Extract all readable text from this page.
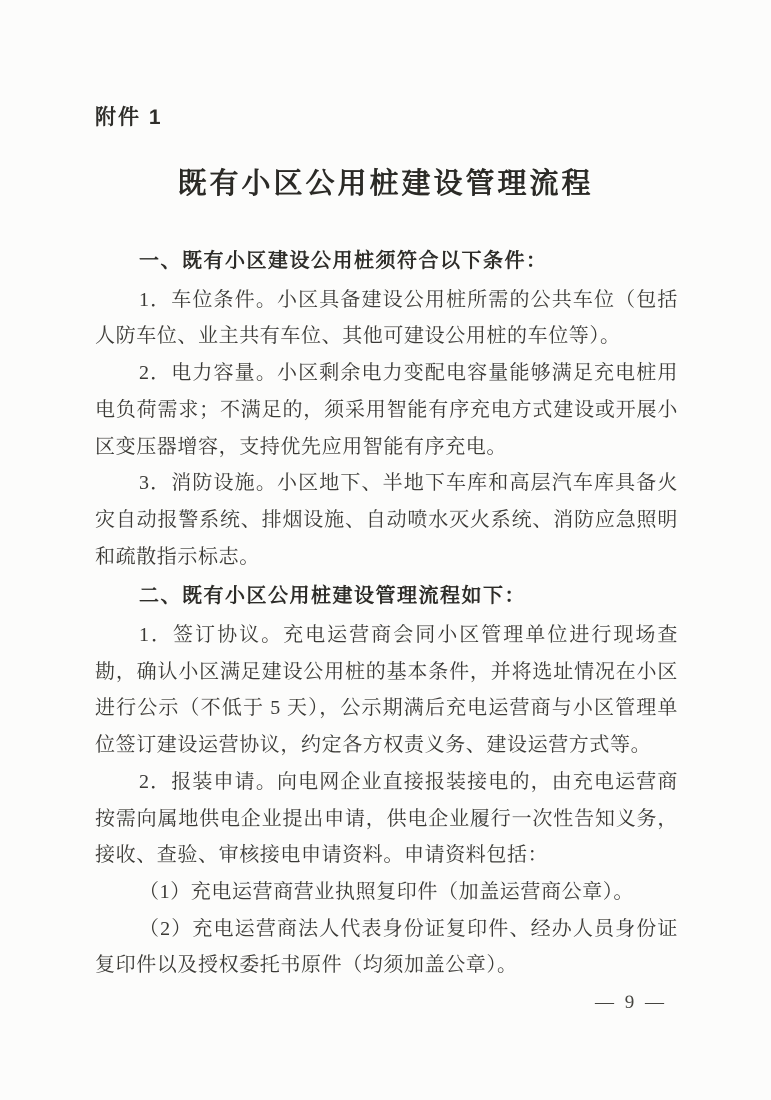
附件 1
既有小区公用桩建设管理流程

一、既有小区建设公用桩须符合以下条件：

1．车位条件。小区具备建设公用桩所需的公共车位（包括人防车位、业主共有车位、其他可建设公用桩的车位等）。

2．电力容量。小区剩余电力变配电容量能够满足充电桩用电负荷需求；不满足的，须采用智能有序充电方式建设或开展小区变压器增容，支持优先应用智能有序充电。

3．消防设施。小区地下、半地下车库和高层汽车库具备火灾自动报警系统、排烟设施、自动喷水灭火系统、消防应急照明和疏散指示标志。

二、既有小区公用桩建设管理流程如下：

1．签订协议。充电运营商会同小区管理单位进行现场查勘，确认小区满足建设公用桩的基本条件，并将选址情况在小区进行公示（不低于 5 天），公示期满后充电运营商与小区管理单位签订建设运营协议，约定各方权责义务、建设运营方式等。

2．报装申请。向电网企业直接报装接电的，由充电运营商按需向属地供电企业提出申请，供电企业履行一次性告知义务，接收、查验、审核接电申请资料。申请资料包括：

（1）充电运营商营业执照复印件（加盖运营商公章）。

（2）充电运营商法人代表身份证复印件、经办人员身份证复印件以及授权委托书原件（均须加盖公章）。

— 9 —
